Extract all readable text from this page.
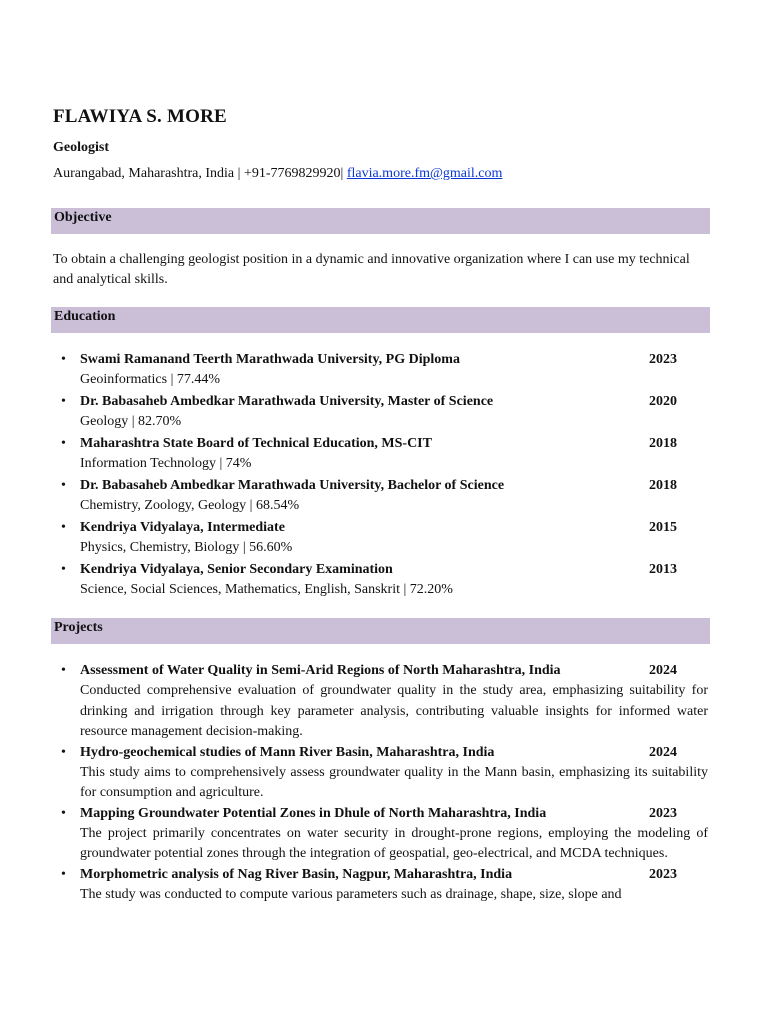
FLAWIYA S. MORE

Geologist

Aurangabad, Maharashtra, India | +91-7769829920| flavia.more.fm@gmail.com

Objective

To obtain a challenging geologist position in a dynamic and innovative organization where I can use my technical and analytical skills.

Education
• Swami Ramanand Teerth Marathwada University, PG Diploma	2023
Geoinformatics | 77.44%
• Dr. Babasaheb Ambedkar Marathwada University, Master of Science	2020
Geology | 82.70%
• Maharashtra State Board of Technical Education, MS-CIT	2018
Information Technology | 74%
• Dr. Babasaheb Ambedkar Marathwada University, Bachelor of Science	2018
Chemistry, Zoology, Geology | 68.54%
• Kendriya Vidyalaya, Intermediate	2015
Physics, Chemistry, Biology | 56.60%
• Kendriya Vidyalaya, Senior Secondary Examination	2013
Science, Social Sciences, Mathematics, English, Sanskrit | 72.20%
Projects
• Assessment of Water Quality in Semi-Arid Regions of North Maharashtra, India	2024
Conducted comprehensive evaluation of groundwater quality in the study area, emphasizing suitability for drinking and irrigation through key parameter analysis, contributing valuable insights for informed water resource management decision-making.
• Hydro-geochemical studies of Mann River Basin, Maharashtra, India	2024
This study aims to comprehensively assess groundwater quality in the Mann basin, emphasizing its suitability for consumption and agriculture.
• Mapping Groundwater Potential Zones in Dhule of North Maharashtra, India	2023
The project primarily concentrates on water security in drought-prone regions, employing the modeling of groundwater potential zones through the integration of geospatial, geo-electrical, and MCDA techniques.
• Morphometric analysis of Nag River Basin, Nagpur, Maharashtra, India	2023
The study was conducted to compute various parameters such as drainage, shape, size, slope and
